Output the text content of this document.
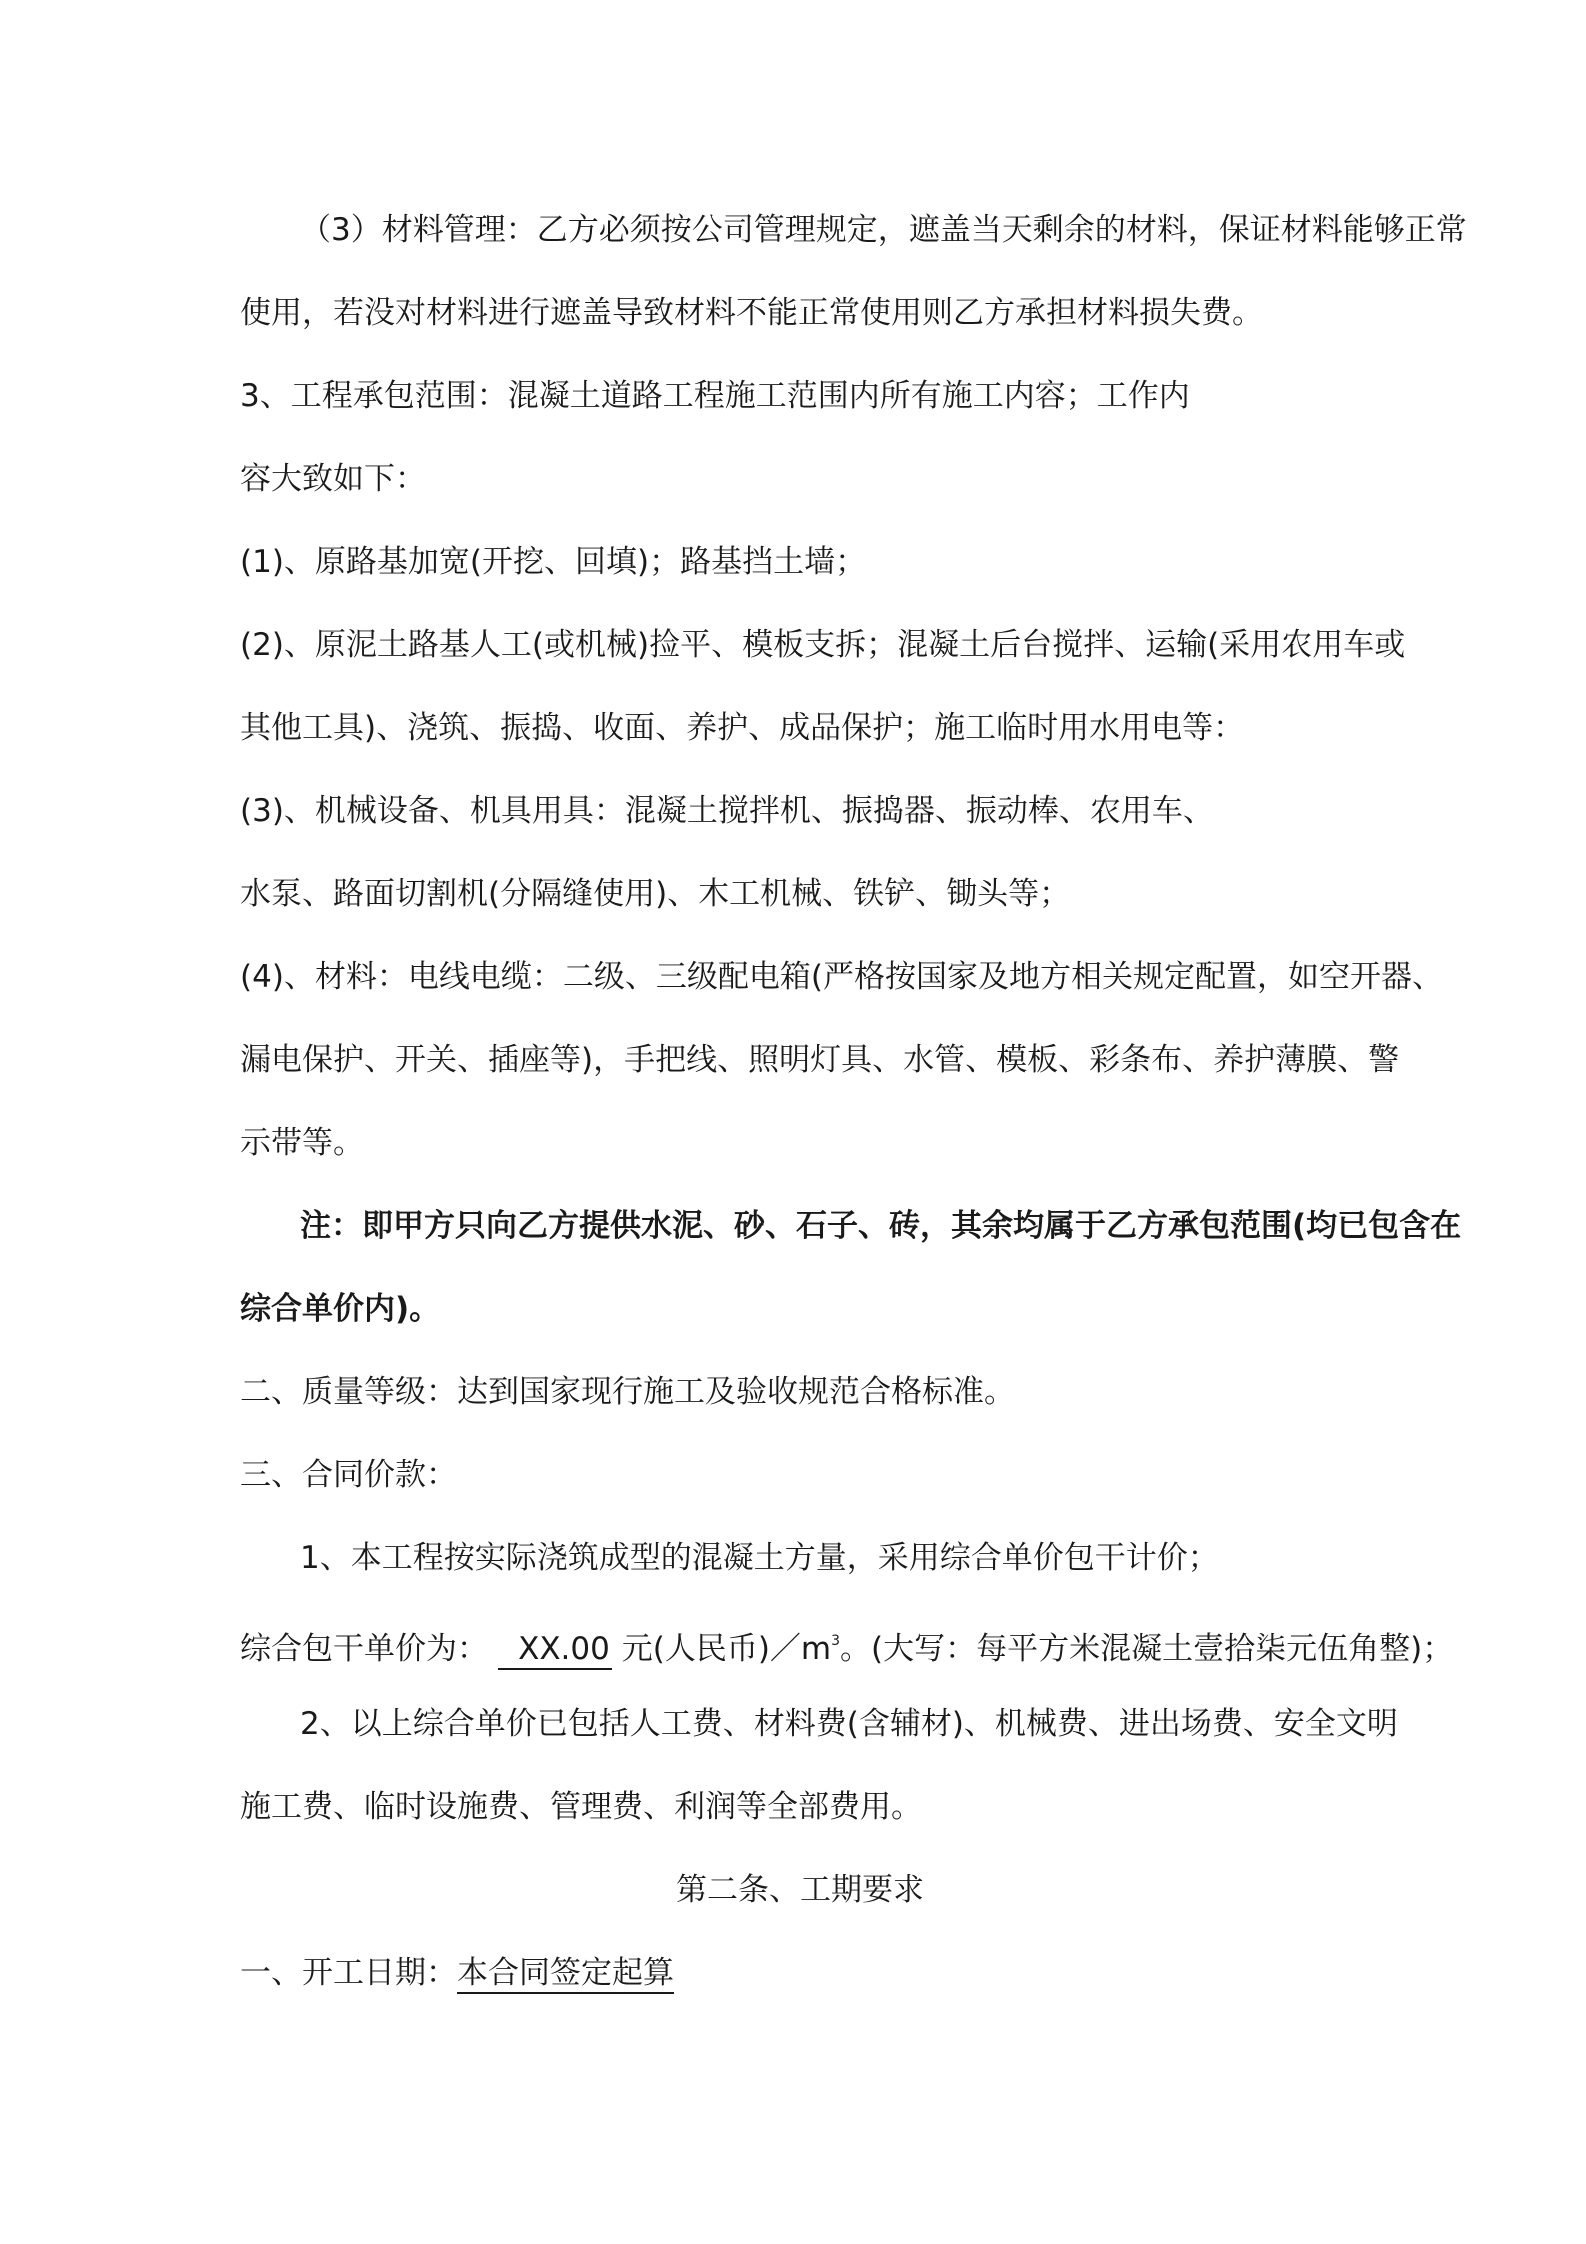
（3）材料管理：乙方必须按公司管理规定，遮盖当天剩余的材料，保证材料能够正常
使用，若没对材料进行遮盖导致材料不能正常使用则乙方承担材料损失费。
3、工程承包范围：混凝土道路工程施工范围内所有施工内容；工作内
容大致如下：
(1)、原路基加宽(开挖、回填)；路基挡土墙；
(2)、原泥土路基人工(或机械)捡平、模板支拆；混凝土后台搅拌、运输(采用农用车或
其他工具)、浇筑、振捣、收面、养护、成品保护；施工临时用水用电等：
(3)、机械设备、机具用具：混凝土搅拌机、振捣器、振动棒、农用车、
水泵、路面切割机(分隔缝使用)、木工机械、铁铲、锄头等；
(4)、材料：电线电缆：二级、三级配电箱(严格按国家及地方相关规定配置，如空开器、
漏电保护、开关、插座等)，手把线、照明灯具、水管、模板、彩条布、养护薄膜、警
示带等。
注：即甲方只向乙方提供水泥、砂、石子、砖，其余均属于乙方承包范围(均已包含在
综合单价内)。
二、质量等级：达到国家现行施工及验收规范合格标准。
三、合同价款：
1、本工程按实际浇筑成型的混凝土方量，采用综合单价包干计价；
综合包干单价为： XX.00 元(人民币)$/m^3$。(大写：每平方米混凝土壹拾柒元伍角整)；
2、以上综合单价已包括人工费、材料费(含辅材)、机械费、进出场费、安全文明
施工费、临时设施费、管理费、利润等全部费用。
第二条、工期要求
一、开工日期：本合同签定起算
